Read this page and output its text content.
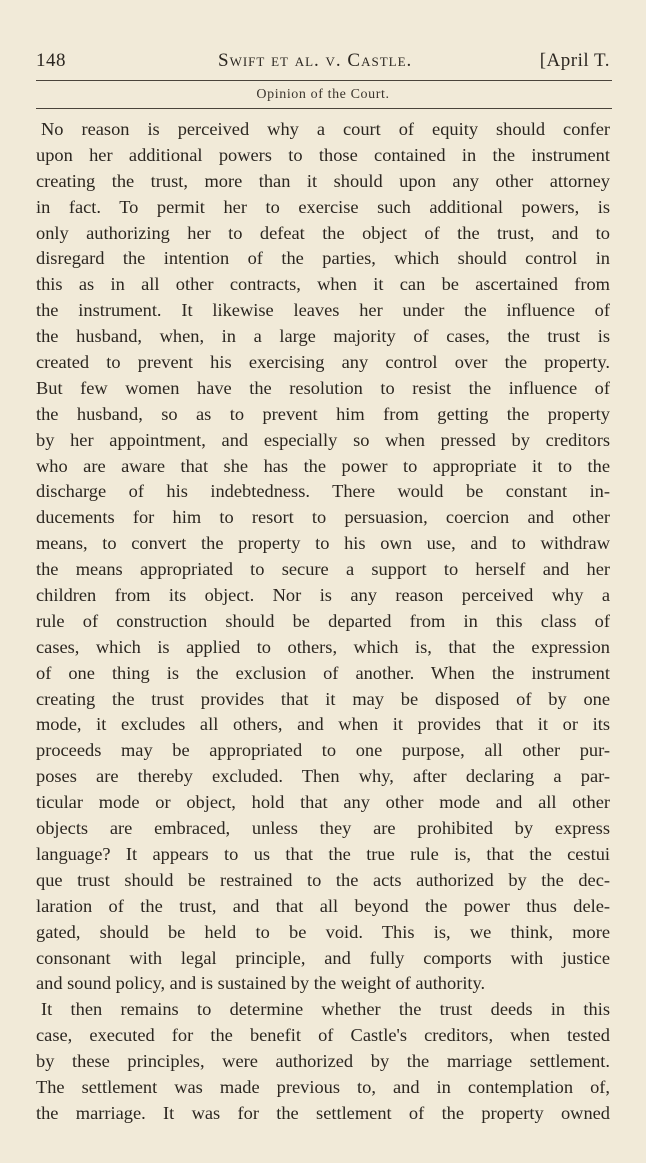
148	Swift et al. v. Castle.	[April T.
Opinion of the Court.
No reason is perceived why a court of equity should confer
upon her additional powers to those contained in the instrument
creating the trust, more than it should upon any other attorney
in fact. To permit her to exercise such additional powers, is
only authorizing her to defeat the object of the trust, and to
disregard the intention of the parties, which should control in
this as in all other contracts, when it can be ascertained from
the instrument. It likewise leaves her under the influence of
the husband, when, in a large majority of cases, the trust is
created to prevent his exercising any control over the property.
But few women have the resolution to resist the influence of
the husband, so as to prevent him from getting the property
by her appointment, and especially so when pressed by creditors
who are aware that she has the power to appropriate it to the
discharge of his indebtedness. There would be constant in-
ducements for him to resort to persuasion, coercion and other
means, to convert the property to his own use, and to withdraw
the means appropriated to secure a support to herself and her
children from its object. Nor is any reason perceived why a
rule of construction should be departed from in this class of
cases, which is applied to others, which is, that the expression
of one thing is the exclusion of another. When the instrument
creating the trust provides that it may be disposed of by one
mode, it excludes all others, and when it provides that it or its
proceeds may be appropriated to one purpose, all other pur-
poses are thereby excluded. Then why, after declaring a par-
ticular mode or object, hold that any other mode and all other
objects are embraced, unless they are prohibited by express
language? It appears to us that the true rule is, that the cestui
que trust should be restrained to the acts authorized by the dec-
laration of the trust, and that all beyond the power thus dele-
gated, should be held to be void. This is, we think, more
consonant with legal principle, and fully comports with justice
and sound policy, and is sustained by the weight of authority.
It then remains to determine whether the trust deeds in this
case, executed for the benefit of Castle's creditors, when tested
by these principles, were authorized by the marriage settlement.
The settlement was made previous to, and in contemplation of,
the marriage. It was for the settlement of the property owned
